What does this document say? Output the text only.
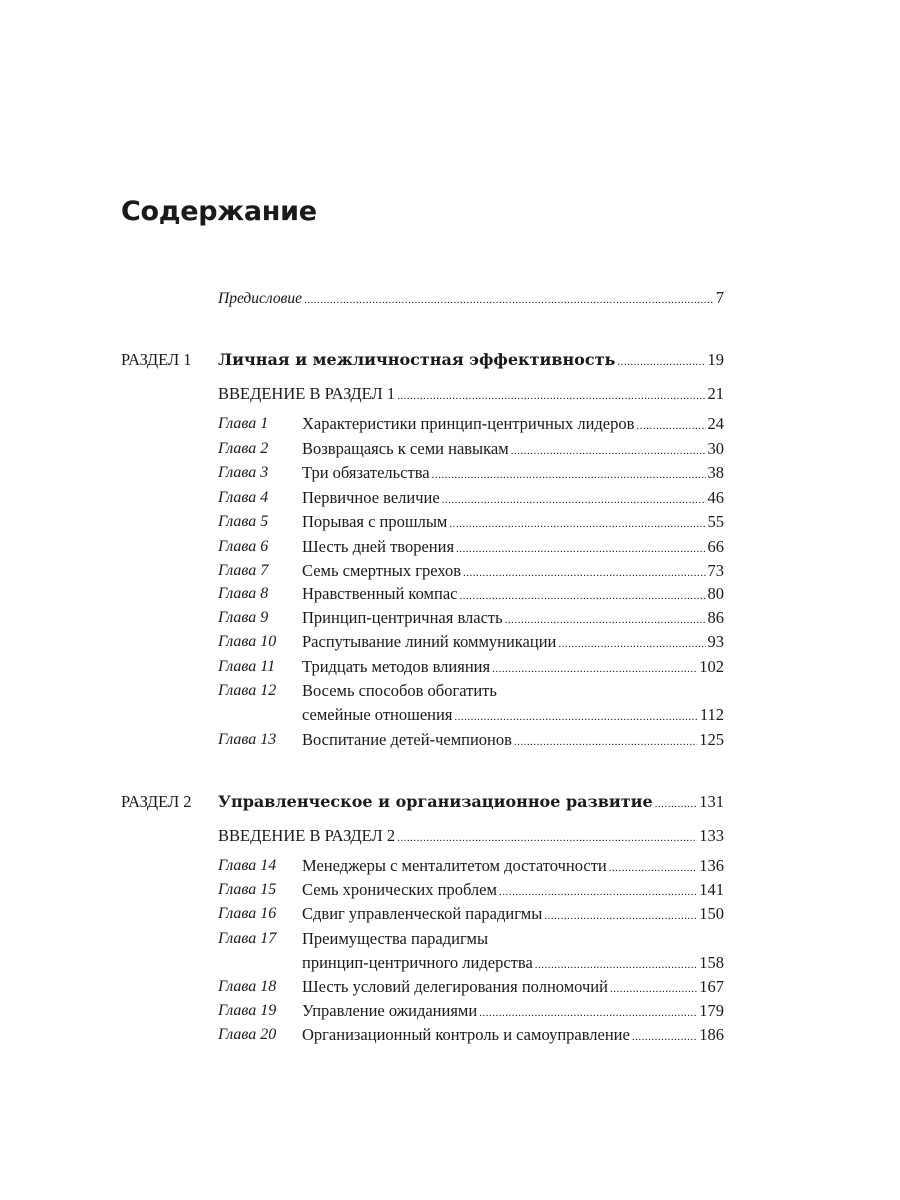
Содержание
Предисловие .....	7
РАЗДЕЛ 1 Личная и межличностная эффективность .....	19
ВВЕДЕНИЕ В РАЗДЕЛ 1 .....	21
Глава 1 Характеристики принцип-центричных лидеров .....	24
Глава 2 Возвращаясь к семи навыкам .....	30
Глава 3 Три обязательства .....	38
Глава 4 Первичное величие .....	46
Глава 5 Порывая с прошлым .....	55
Глава 6 Шесть дней творения .....	66
Глава 7 Семь смертных грехов .....	73
Глава 8 Нравственный компас .....	80
Глава 9 Принцип-центричная власть .....	86
Глава 10 Распутывание линий коммуникации .....	93
Глава 11 Тридцать методов влияния .....	102
Глава 12 Восемь способов обогатить
семейные отношения .....	112
Глава 13 Воспитание детей-чемпионов .....	125
РАЗДЕЛ 2 Управленческое и организационное развитие .....	131
ВВЕДЕНИЕ В РАЗДЕЛ 2 .....	133
Глава 14 Менеджеры с менталитетом достаточности .....	136
Глава 15 Семь хронических проблем .....	141
Глава 16 Сдвиг управленческой парадигмы .....	150
Глава 17 Преимущества парадигмы
принцип-центричного лидерства .....	158
Глава 18 Шесть условий делегирования полномочий .....	167
Глава 19 Управление ожиданиями .....	179
Глава 20 Организационный контроль и самоуправление .....	186
